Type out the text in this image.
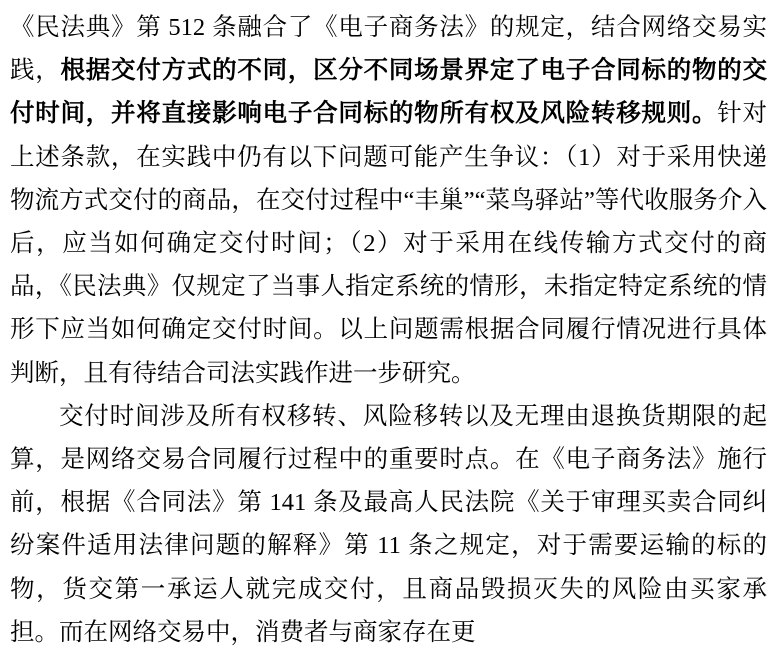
《民法典》第 512 条融合了《电子商务法》的规定，结合网络交易实践，根据交付方式的不同，区分不同场景界定了电子合同标的物的交付时间，并将直接影响电子合同标的物所有权及风险转移规则。针对上述条款，在实践中仍有以下问题可能产生争议：（1）对于采用快递物流方式交付的商品，在交付过程中“丰巢”“菜鸟驿站”等代收服务介入后，应当如何确定交付时间；（2）对于采用在线传输方式交付的商品，《民法典》仅规定了当事人指定系统的情形，未指定特定系统的情形下应当如何确定交付时间。以上问题需根据合同履行情况进行具体判断，且有待结合司法实践作进一步研究。
交付时间涉及所有权移转、风险移转以及无理由退换货期限的起算，是网络交易合同履行过程中的重要时点。在《电子商务法》施行前，根据《合同法》第 141 条及最高人民法院《关于审理买卖合同纠纷案件适用法律问题的解释》第 11 条之规定，对于需要运输的标的物，货交第一承运人就完成交付，且商品毁损灭失的风险由买家承担。而在网络交易中，消费者与商家存在更
